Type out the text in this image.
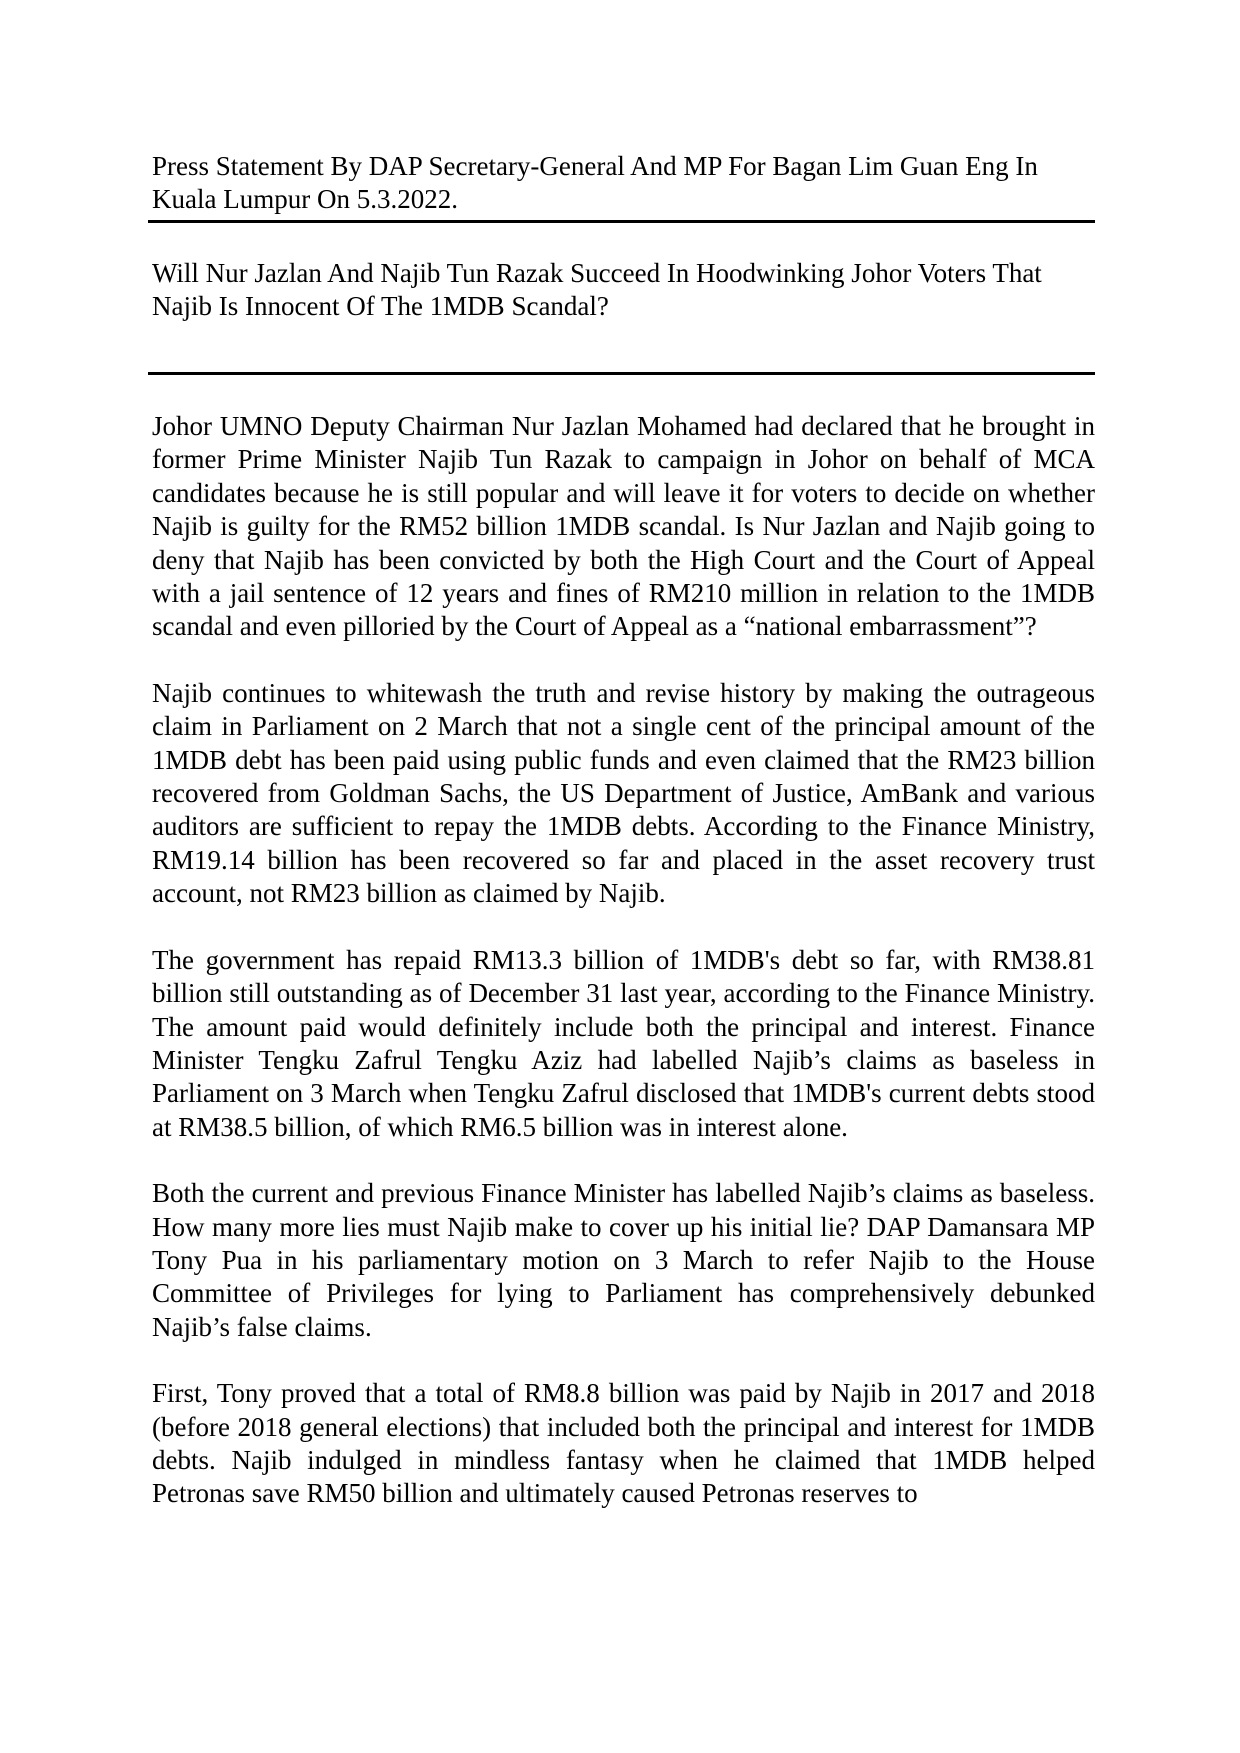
Press Statement By DAP Secretary-General And MP For Bagan Lim Guan Eng In Kuala Lumpur On 5.3.2022.

Will Nur Jazlan And Najib Tun Razak Succeed In Hoodwinking Johor Voters That Najib Is Innocent Of The 1MDB Scandal?

Johor UMNO Deputy Chairman Nur Jazlan Mohamed had declared that he brought in former Prime Minister Najib Tun Razak to campaign in Johor on behalf of MCA candidates because he is still popular and will leave it for voters to decide on whether Najib is guilty for the RM52 billion 1MDB scandal. Is Nur Jazlan and Najib going to deny that Najib has been convicted by both the High Court and the Court of Appeal with a jail sentence of 12 years and fines of RM210 million in relation to the 1MDB scandal and even pilloried by the Court of Appeal as a “national embarrassment”?

Najib continues to whitewash the truth and revise history by making the outrageous claim in Parliament on 2 March that not a single cent of the principal amount of the 1MDB debt has been paid using public funds and even claimed that the RM23 billion recovered from Goldman Sachs, the US Department of Justice, AmBank and various auditors are sufficient to repay the 1MDB debts. According to the Finance Ministry, RM19.14 billion has been recovered so far and placed in the asset recovery trust account, not RM23 billion as claimed by Najib.

The government has repaid RM13.3 billion of 1MDB's debt so far, with RM38.81 billion still outstanding as of December 31 last year, according to the Finance Ministry. The amount paid would definitely include both the principal and interest. Finance Minister Tengku Zafrul Tengku Aziz had labelled Najib’s claims as baseless in Parliament on 3 March when Tengku Zafrul disclosed that 1MDB's current debts stood at RM38.5 billion, of which RM6.5 billion was in interest alone.

Both the current and previous Finance Minister has labelled Najib’s claims as baseless. How many more lies must Najib make to cover up his initial lie? DAP Damansara MP Tony Pua in his parliamentary motion on 3 March to refer Najib to the House Committee of Privileges for lying to Parliament has comprehensively debunked Najib’s false claims.

First, Tony proved that a total of RM8.8 billion was paid by Najib in 2017 and 2018 (before 2018 general elections) that included both the principal and interest for 1MDB debts. Najib indulged in mindless fantasy when he claimed that 1MDB helped Petronas save RM50 billion and ultimately caused Petronas reserves to
